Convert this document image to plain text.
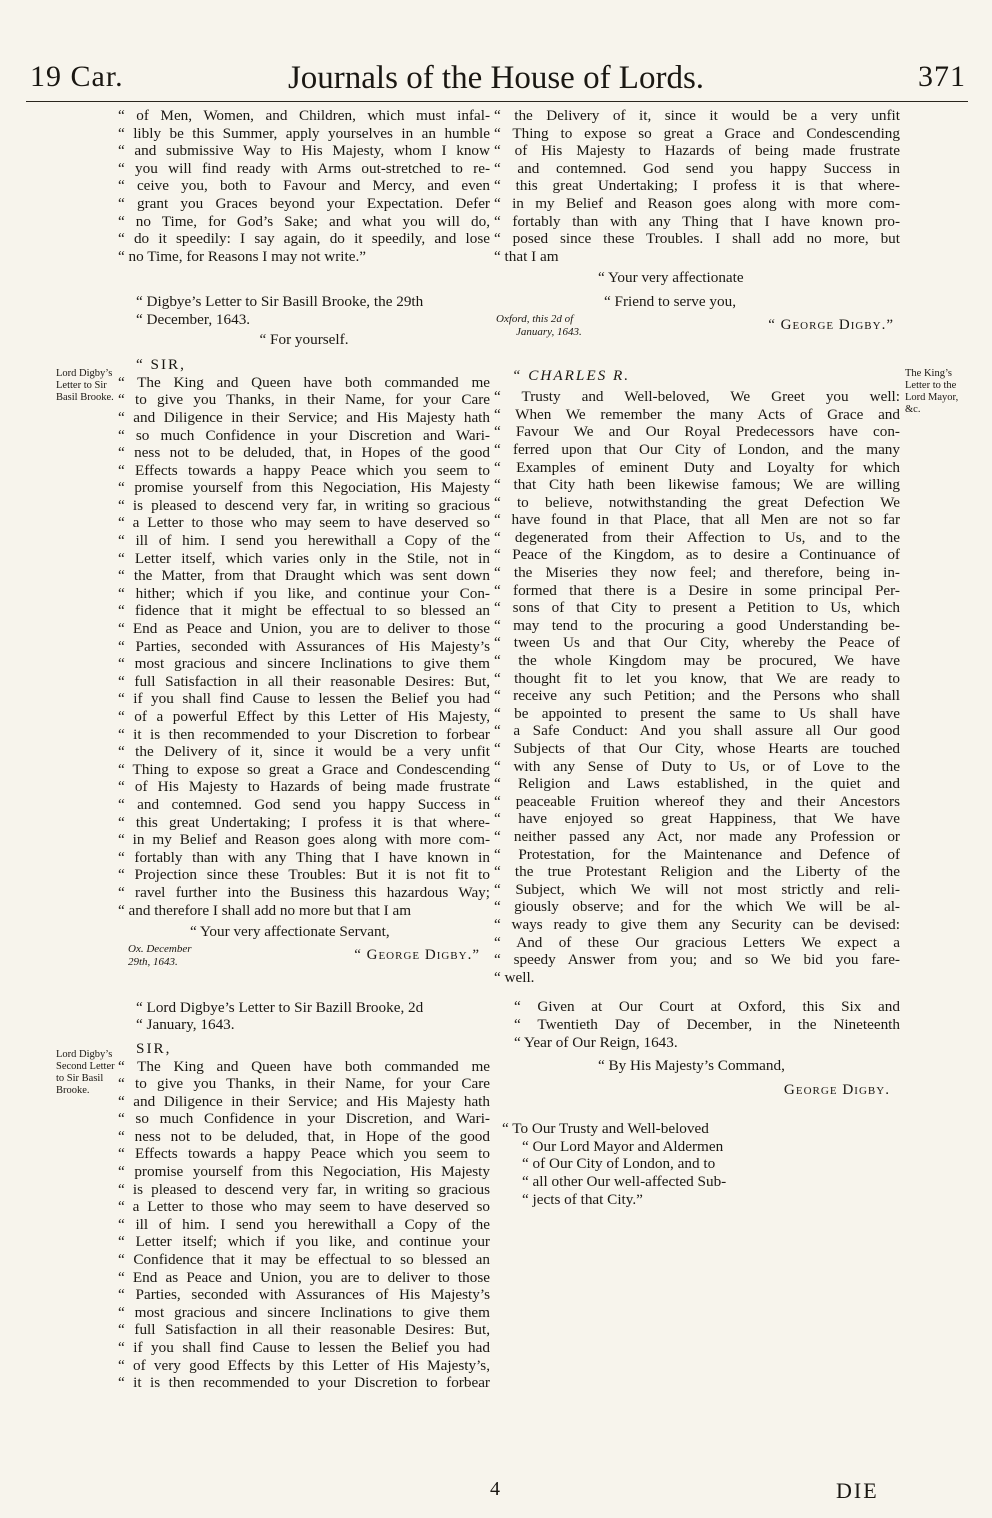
19 Car.	Journals of the House of Lords.	371
Lord Digby’s
Letter to Sir
Basil Brooke.
Lord Digby’s
Second Letter
to Sir Basil
Brooke.
The King’s
Letter to the
Lord Mayor,
&c.
“ of Men, Women, and Children, which must infal-
“ libly be this Summer, apply yourselves in an humble
“ and submissive Way to His Majesty, whom I know
“ you will find ready with Arms out-stretched to re-
“ ceive you, both to Favour and Mercy, and even
“ grant you Graces beyond your Expectation. Defer
“ no Time, for God’s Sake; and what you will do,
“ do it speedily: I say again, do it speedily, and lose
“ no Time, for Reasons I may not write.”
“ Digbye’s Letter to Sir Basill Brooke, the 29th
“ December, 1643.
“ For yourself.
“ SIR,
“ The King and Queen have both commanded me
“ to give you Thanks, in their Name, for your Care
“ and Diligence in their Service; and His Majesty hath
“ so much Confidence in your Discretion and Wari-
“ ness not to be deluded, that, in Hopes of the good
“ Effects towards a happy Peace which you seem to
“ promise yourself from this Negociation, His Majesty
“ is pleased to descend very far, in writing so gracious
“ a Letter to those who may seem to have deserved so
“ ill of him. I send you herewithall a Copy of the
“ Letter itself, which varies only in the Stile, not in
“ the Matter, from that Draught which was sent down
“ hither; which if you like, and continue your Con-
“ fidence that it might be effectual to so blessed an
“ End as Peace and Union, you are to deliver to those
“ Parties, seconded with Assurances of His Majesty’s
“ most gracious and sincere Inclinations to give them
“ full Satisfaction in all their reasonable Desires: But,
“ if you shall find Cause to lessen the Belief you had
“ of a powerful Effect by this Letter of His Majesty,
“ it is then recommended to your Discretion to forbear
“ the Delivery of it, since it would be a very unfit
“ Thing to expose so great a Grace and Condescending
“ of His Majesty to Hazards of being made frustrate
“ and contemned. God send you happy Success in
“ this great Undertaking; I profess it is that where-
“ in my Belief and Reason goes along with more com-
“ fortably than with any Thing that I have known in
“ Projection since these Troubles: But it is not fit to
“ ravel further into the Business this hazardous Way;
“ and therefore I shall add no more but that I am
“ Your very affectionate Servant,
Ox. December
29th, 1643.	“ George Digby.”
“ Lord Digbye’s Letter to Sir Bazill Brooke, 2d
“ January, 1643.
SIR,
“ The King and Queen have both commanded me
“ to give you Thanks, in their Name, for your Care
“ and Diligence in their Service; and His Majesty hath
“ so much Confidence in your Discretion, and Wari-
“ ness not to be deluded, that, in Hope of the good
“ Effects towards a happy Peace which you seem to
“ promise yourself from this Negociation, His Majesty
“ is pleased to descend very far, in writing so gracious
“ a Letter to those who may seem to have deserved so
“ ill of him. I send you herewithall a Copy of the
“ Letter itself; which if you like, and continue your
“ Confidence that it may be effectual to so blessed an
“ End as Peace and Union, you are to deliver to those
“ Parties, seconded with Assurances of His Majesty’s
“ most gracious and sincere Inclinations to give them
“ full Satisfaction in all their reasonable Desires: But,
“ if you shall find Cause to lessen the Belief you had
“ of very good Effects by this Letter of His Majesty’s,
“ it is then recommended to your Discretion to forbear
“ the Delivery of it, since it would be a very unfit
“ Thing to expose so great a Grace and Condescending
“ of His Majesty to Hazards of being made frustrate
“ and contemned. God send you happy Success in
“ this great Undertaking; I profess it is that where-
“ in my Belief and Reason goes along with more com-
“ fortably than with any Thing that I have known pro-
“ posed since these Troubles. I shall add no more, but
“ that I am
“ Your very affectionate
“ Friend to serve you,
Oxford, this 2d of
January, 1643.	“ George Digby.”
“ CHARLES R.
“ Trusty and Well-beloved, We Greet you well:
“ When We remember the many Acts of Grace and
“ Favour We and Our Royal Predecessors have con-
“ ferred upon that Our City of London, and the many
“ Examples of eminent Duty and Loyalty for which
“ that City hath been likewise famous; We are willing
“ to believe, notwithstanding the great Defection We
“ have found in that Place, that all Men are not so far
“ degenerated from their Affection to Us, and to the
“ Peace of the Kingdom, as to desire a Continuance of
“ the Miseries they now feel; and therefore, being in-
“ formed that there is a Desire in some principal Per-
“ sons of that City to present a Petition to Us, which
“ may tend to the procuring a good Understanding be-
“ tween Us and that Our City, whereby the Peace of
“ the whole Kingdom may be procured, We have
“ thought fit to let you know, that We are ready to
“ receive any such Petition; and the Persons who shall
“ be appointed to present the same to Us shall have
“ a Safe Conduct: And you shall assure all Our good
“ Subjects of that Our City, whose Hearts are touched
“ with any Sense of Duty to Us, or of Love to the
“ Religion and Laws established, in the quiet and
“ peaceable Fruition whereof they and their Ancestors
“ have enjoyed so great Happiness, that We have
“ neither passed any Act, nor made any Profession or
“ Protestation, for the Maintenance and Defence of
“ the true Protestant Religion and the Liberty of the
“ Subject, which We will not most strictly and reli-
“ giously observe; and for the which We will be al-
“ ways ready to give them any Security can be devised:
“ And of these Our gracious Letters We expect a
“ speedy Answer from you; and so We bid you fare-
“ well.
“ Given at Our Court at Oxford, this Six and
“ Twentieth Day of December, in the Nineteenth
“ Year of Our Reign, 1643.
“ By His Majesty’s Command,
George Digby.
“ To Our Trusty and Well-beloved
“ Our Lord Mayor and Aldermen
“ of Our City of London, and to
“ all other Our well-affected Sub-
“ jects of that City.”
4	DIE
